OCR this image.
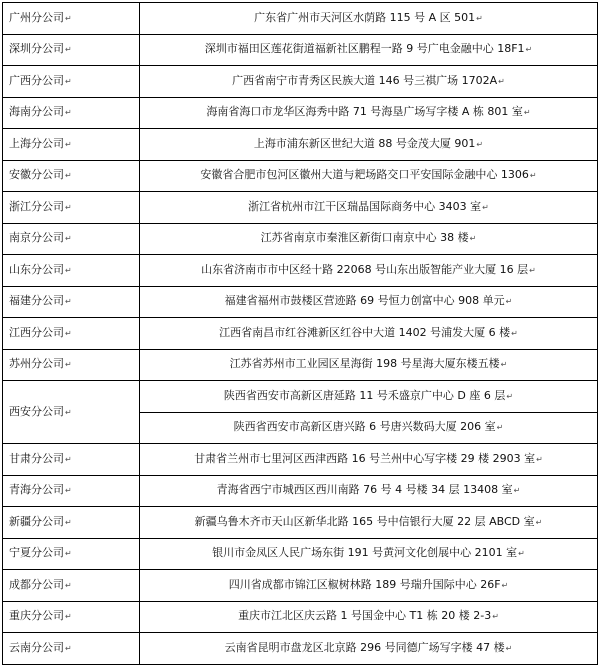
广州分公司↵	广东省广州市天河区水荫路 115 号 A 区 501↵
深圳分公司↵	深圳市福田区莲花街道福新社区鹏程一路 9 号广电金融中心 18F1↵
广西分公司↵	广西省南宁市青秀区民族大道 146 号三祺广场 1702A↵
海南分公司↵	海南省海口市龙华区海秀中路 71 号海垦广场写字楼 A 栋 801 室↵
上海分公司↵	上海市浦东新区世纪大道 88 号金茂大厦 901↵
安徽分公司↵	安徽省合肥市包河区徽州大道与耙场路交口平安国际金融中心 1306↵
浙江分公司↵	浙江省杭州市江干区瑞晶国际商务中心 3403 室↵
南京分公司↵	江苏省南京市秦淮区新街口南京中心 38 楼↵
山东分公司↵	山东省济南市市中区经十路 22068 号山东出版智能产业大厦 16 层↵
福建分公司↵	福建省福州市鼓楼区营迹路 69 号恒力创富中心 908 单元↵
江西分公司↵	江西省南昌市红谷滩新区红谷中大道 1402 号浦发大厦 6 楼↵
苏州分公司↵	江苏省苏州市工业园区星海街 198 号星海大厦东楼五楼↵
西安分公司↵	陕西省西安市高新区唐延路 11 号禾盛京广中心 D 座 6 层↵
	陕西省西安市高新区唐兴路 6 号唐兴数码大厦 206 室↵
甘肃分公司↵	甘肃省兰州市七里河区西津西路 16 号兰州中心写字楼 29 楼 2903 室↵
青海分公司↵	青海省西宁市城西区西川南路 76 号 4 号楼 34 层 13408 室↵
新疆分公司↵	新疆乌鲁木齐市天山区新华北路 165 号中信银行大厦 22 层 ABCD 室↵
宁夏分公司↵	银川市金凤区人民广场东街 191 号黄河文化创展中心 2101 室↵
成都分公司↵	四川省成都市锦江区椒树林路 189 号瑞升国际中心 26F↵
重庆分公司↵	重庆市江北区庆云路 1 号国金中心 T1 栋 20 楼 2-3↵
云南分公司↵	云南省昆明市盘龙区北京路 296 号同德广场写字楼 47 楼↵
